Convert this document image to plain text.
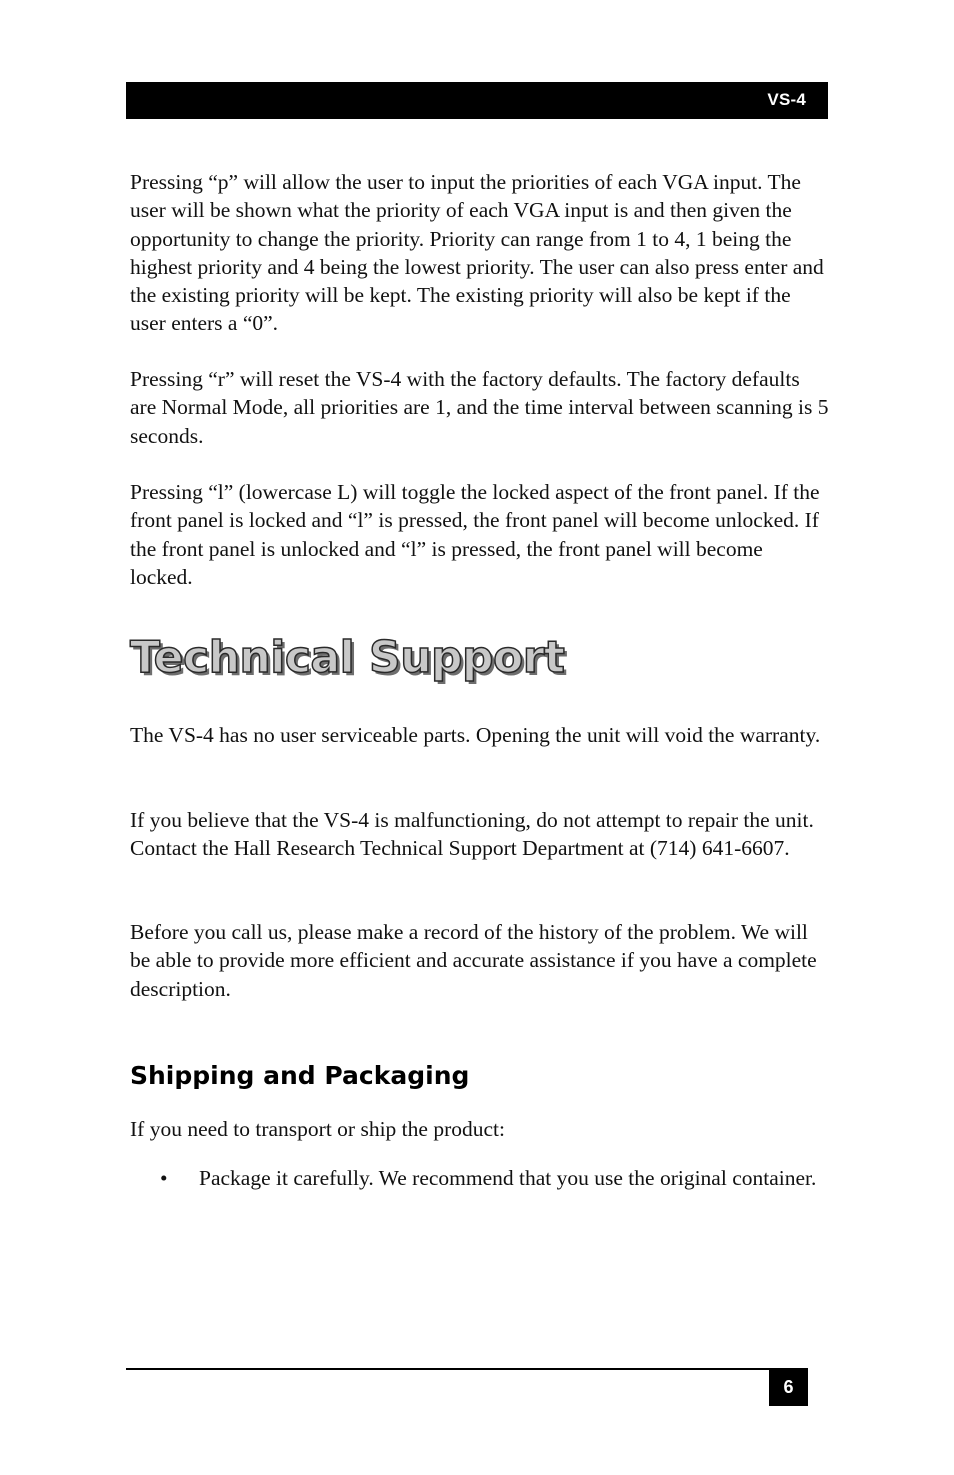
VS-4

Pressing “p” will allow the user to input the priorities of each VGA input. The user will be shown what the priority of each VGA input is and then given the opportunity to change the priority. Priority can range from 1 to 4, 1 being the highest priority and 4 being the lowest priority. The user can also press enter and the existing priority will be kept. The existing priority will also be kept if the user enters a “0”.

Pressing “r” will reset the VS-4 with the factory defaults. The factory defaults are Normal Mode, all priorities are 1, and the time interval between scanning is 5 seconds.

Pressing “l” (lowercase L) will toggle the locked aspect of the front panel. If the front panel is locked and “l” is pressed, the front panel will become unlocked. If the front panel is unlocked and “l” is pressed, the front panel will become locked.

Technical Support

The VS-4 has no user serviceable parts. Opening the unit will void the warranty.

If you believe that the VS-4 is malfunctioning, do not attempt to repair the unit. Contact the Hall Research Technical Support Department at (714) 641-6607.

Before you call us, please make a record of the history of the problem. We will be able to provide more efficient and accurate assistance if you have a complete description.

Shipping and Packaging

If you need to transport or ship the product:

• Package it carefully. We recommend that you use the original container.
6
